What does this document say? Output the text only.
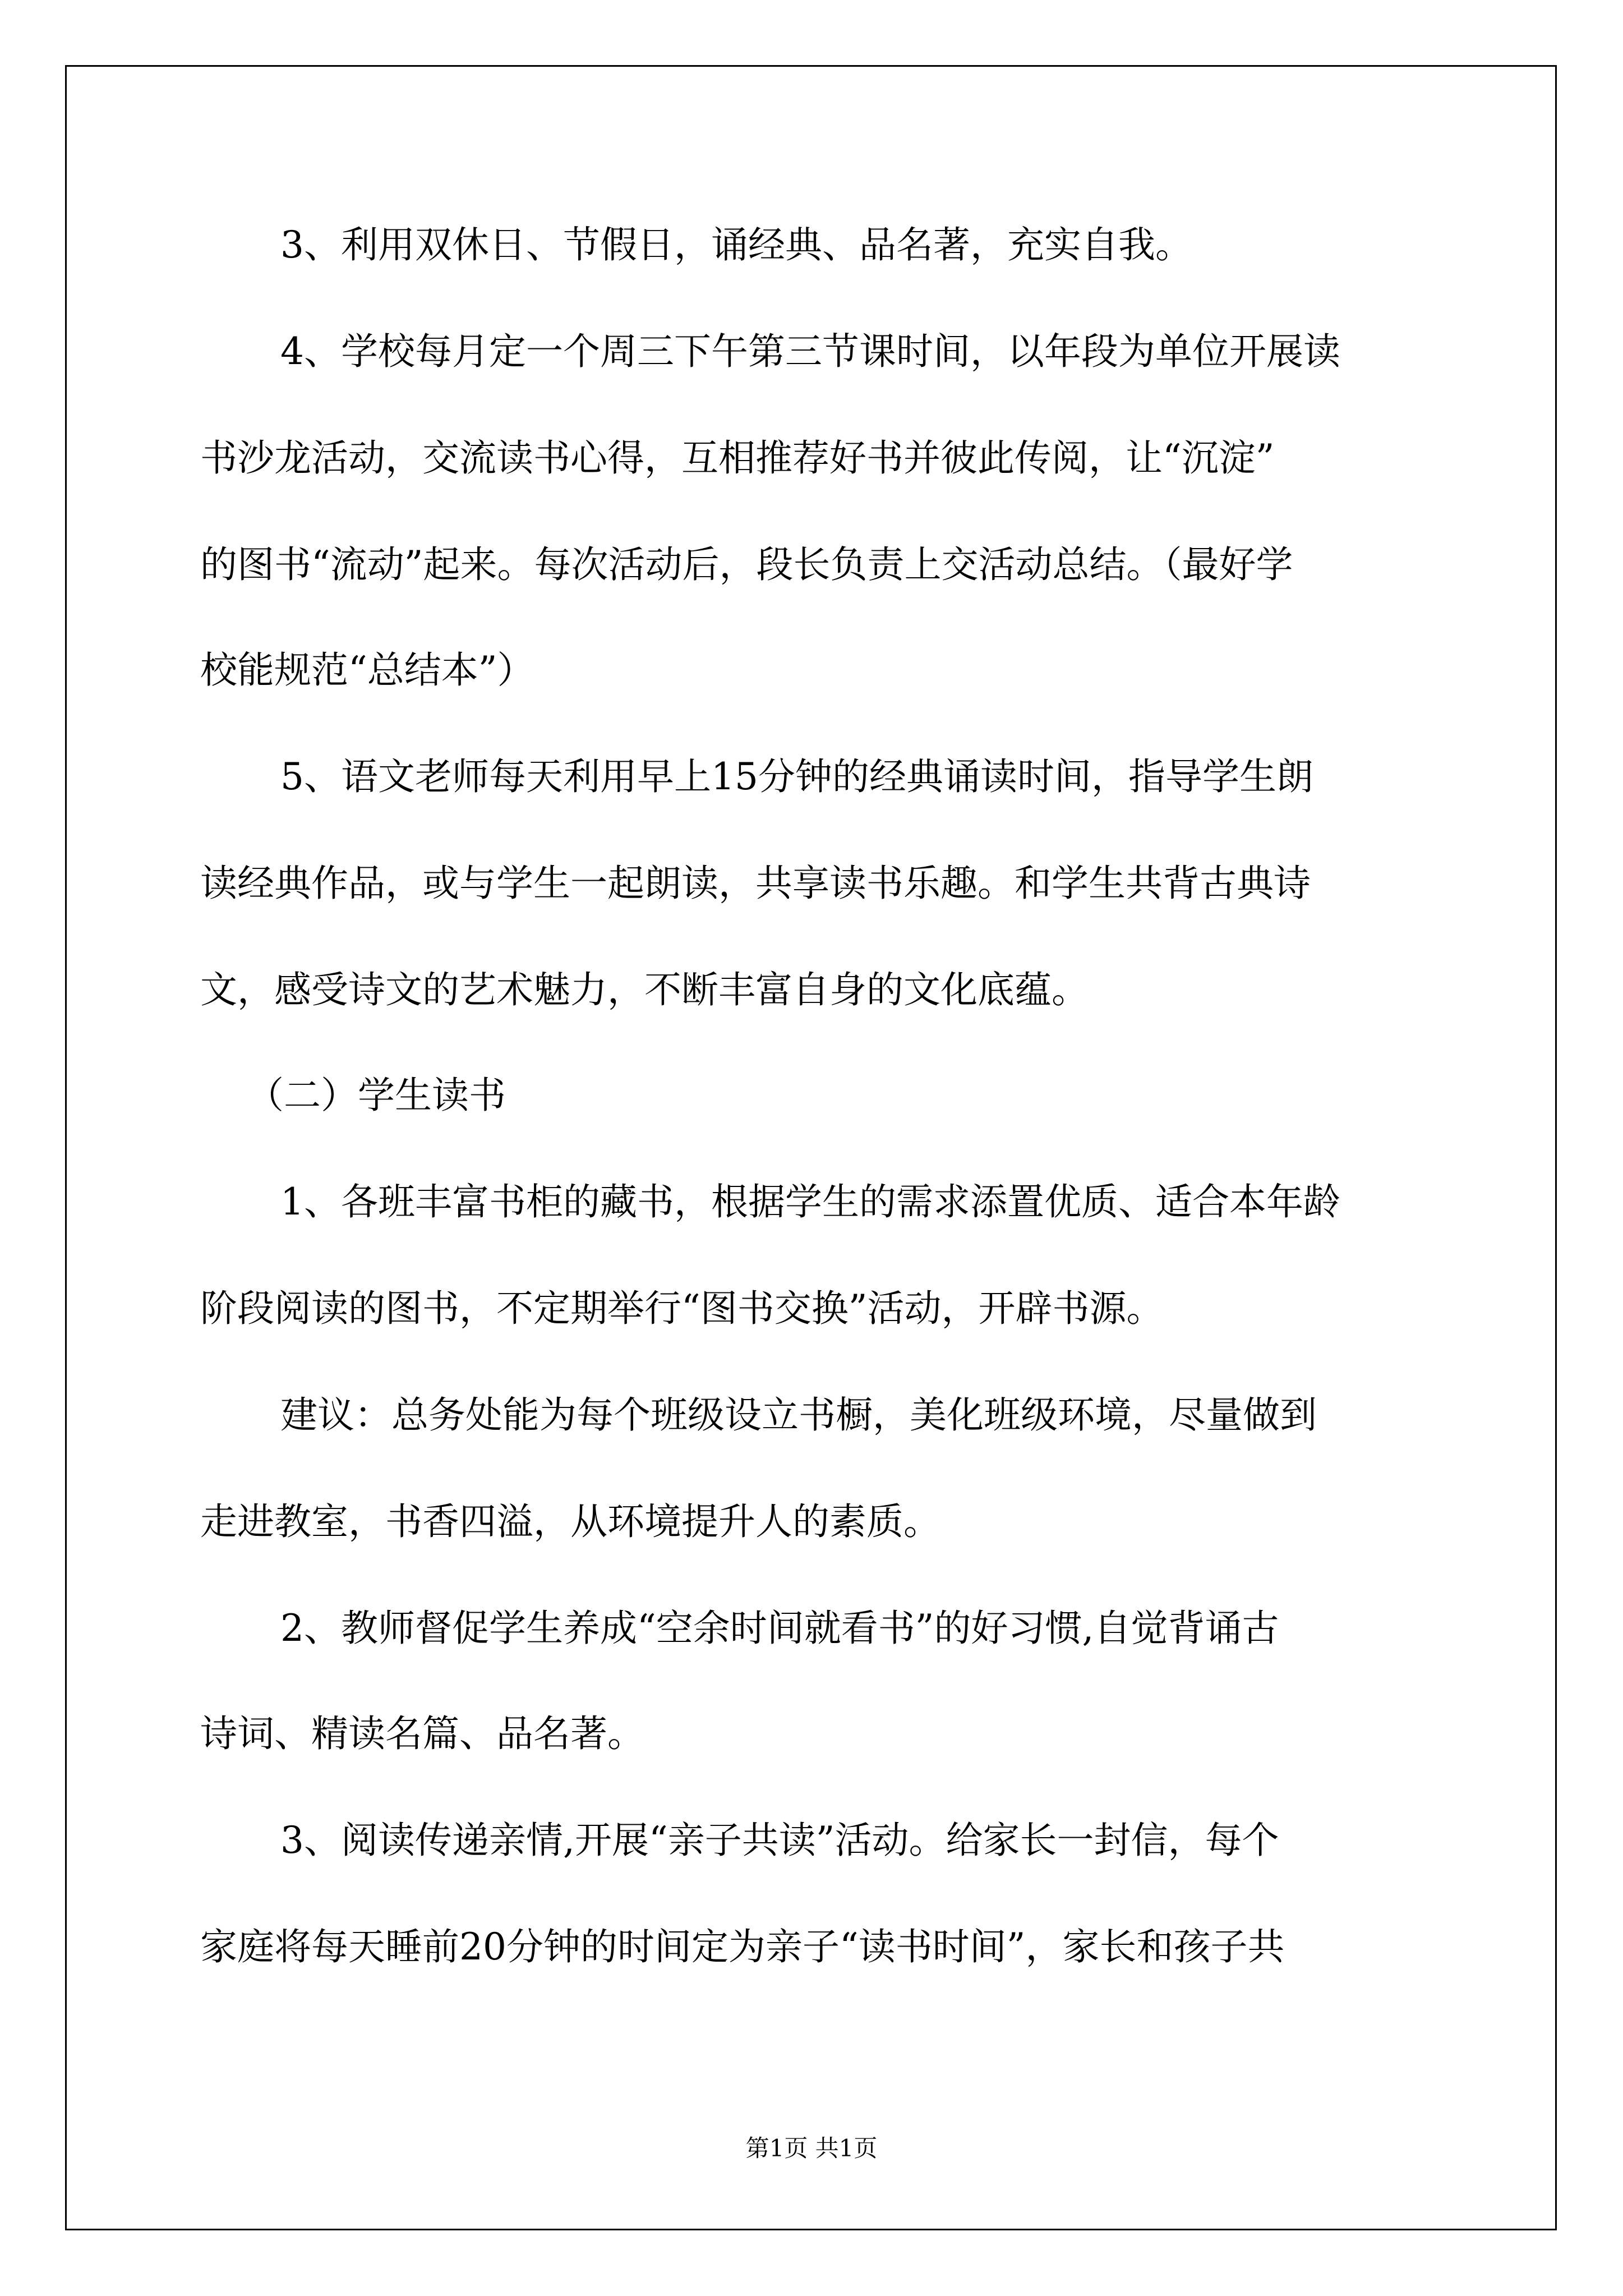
3、利用双休日、节假日，诵经典、品名著，充实自我。

4、学校每月定一个周三下午第三节课时间，以年段为单位开展读

书沙龙活动，交流读书心得，互相推荐好书并彼此传阅，让“沉淀”

的图书“流动”起来。每次活动后，段长负责上交活动总结。（最好学

校能规范“总结本”）

5、语文老师每天利用早上15分钟的经典诵读时间，指导学生朗

读经典作品，或与学生一起朗读，共享读书乐趣。和学生共背古典诗

文，感受诗文的艺术魅力，不断丰富自身的文化底蕴。

（二）学生读书

1、各班丰富书柜的藏书，根据学生的需求添置优质、适合本年龄

阶段阅读的图书，不定期举行“图书交换”活动，开辟书源。

建议：总务处能为每个班级设立书橱，美化班级环境，尽量做到

走进教室，书香四溢，从环境提升人的素质。

2、教师督促学生养成“空余时间就看书”的好习惯,自觉背诵古

诗词、精读名篇、品名著。

3、阅读传递亲情,开展“亲子共读”活动。给家长一封信，每个

家庭将每天睡前20分钟的时间定为亲子“读书时间”，家长和孩子共

第1页 共1页
